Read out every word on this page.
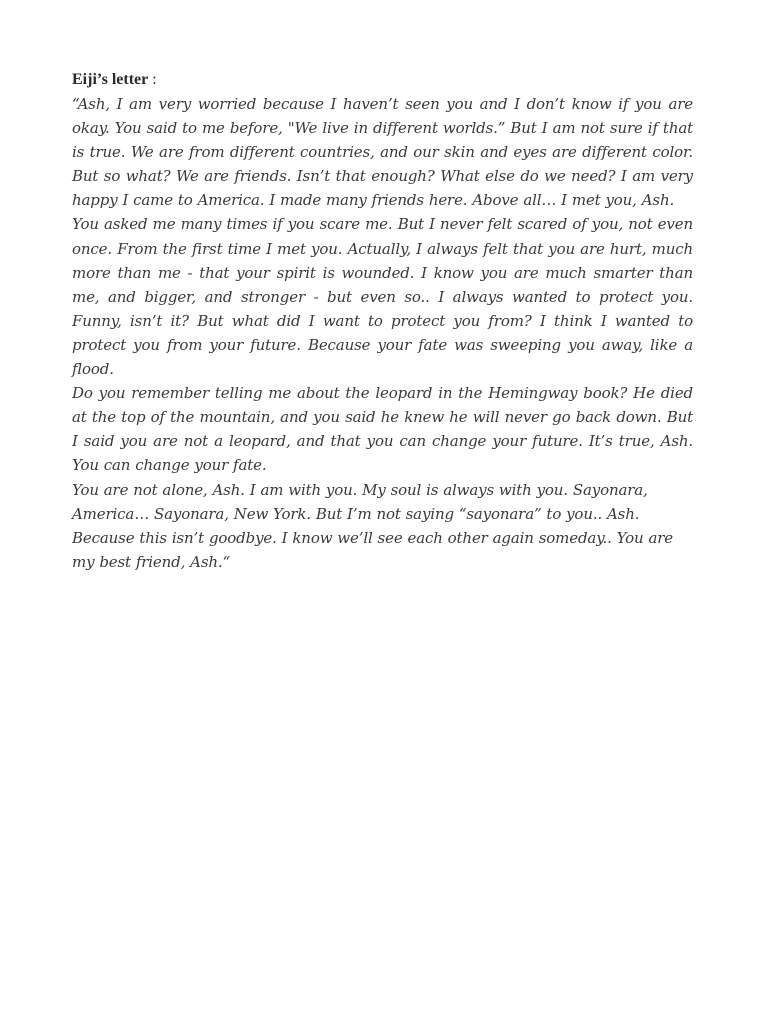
Eiji’s letter :

“Ash, I am very worried because I haven’t seen you and I don’t know if you are okay. You said to me before, "We live in different worlds.” But I am not sure if that is true. We are from different countries, and our skin and eyes are different color. But so what? We are friends. Isn’t that enough? What else do we need? I am very happy I came to America. I made many friends here. Above all… I met you, Ash.

You asked me many times if you scare me. But I never felt scared of you, not even once. From the first time I met you. Actually, I always felt that you are hurt, much more than me - that your spirit is wounded. I know you are much smarter than me, and bigger, and stronger - but even so.. I always wanted to protect you. Funny, isn’t it? But what did I want to protect you from? I think I wanted to protect you from your future. Because your fate was sweeping you away, like a flood.

Do you remember telling me about the leopard in the Hemingway book? He died at the top of the mountain, and you said he knew he will never go back down. But I said you are not a leopard, and that you can change your future. It’s true, Ash. You can change your fate.

You are not alone, Ash. I am with you. My soul is always with you. Sayonara, America… Sayonara, New York. But I’m not saying “sayonara” to you.. Ash. Because this isn’t goodbye. I know we’ll see each other again someday.. You are my best friend, Ash.“
